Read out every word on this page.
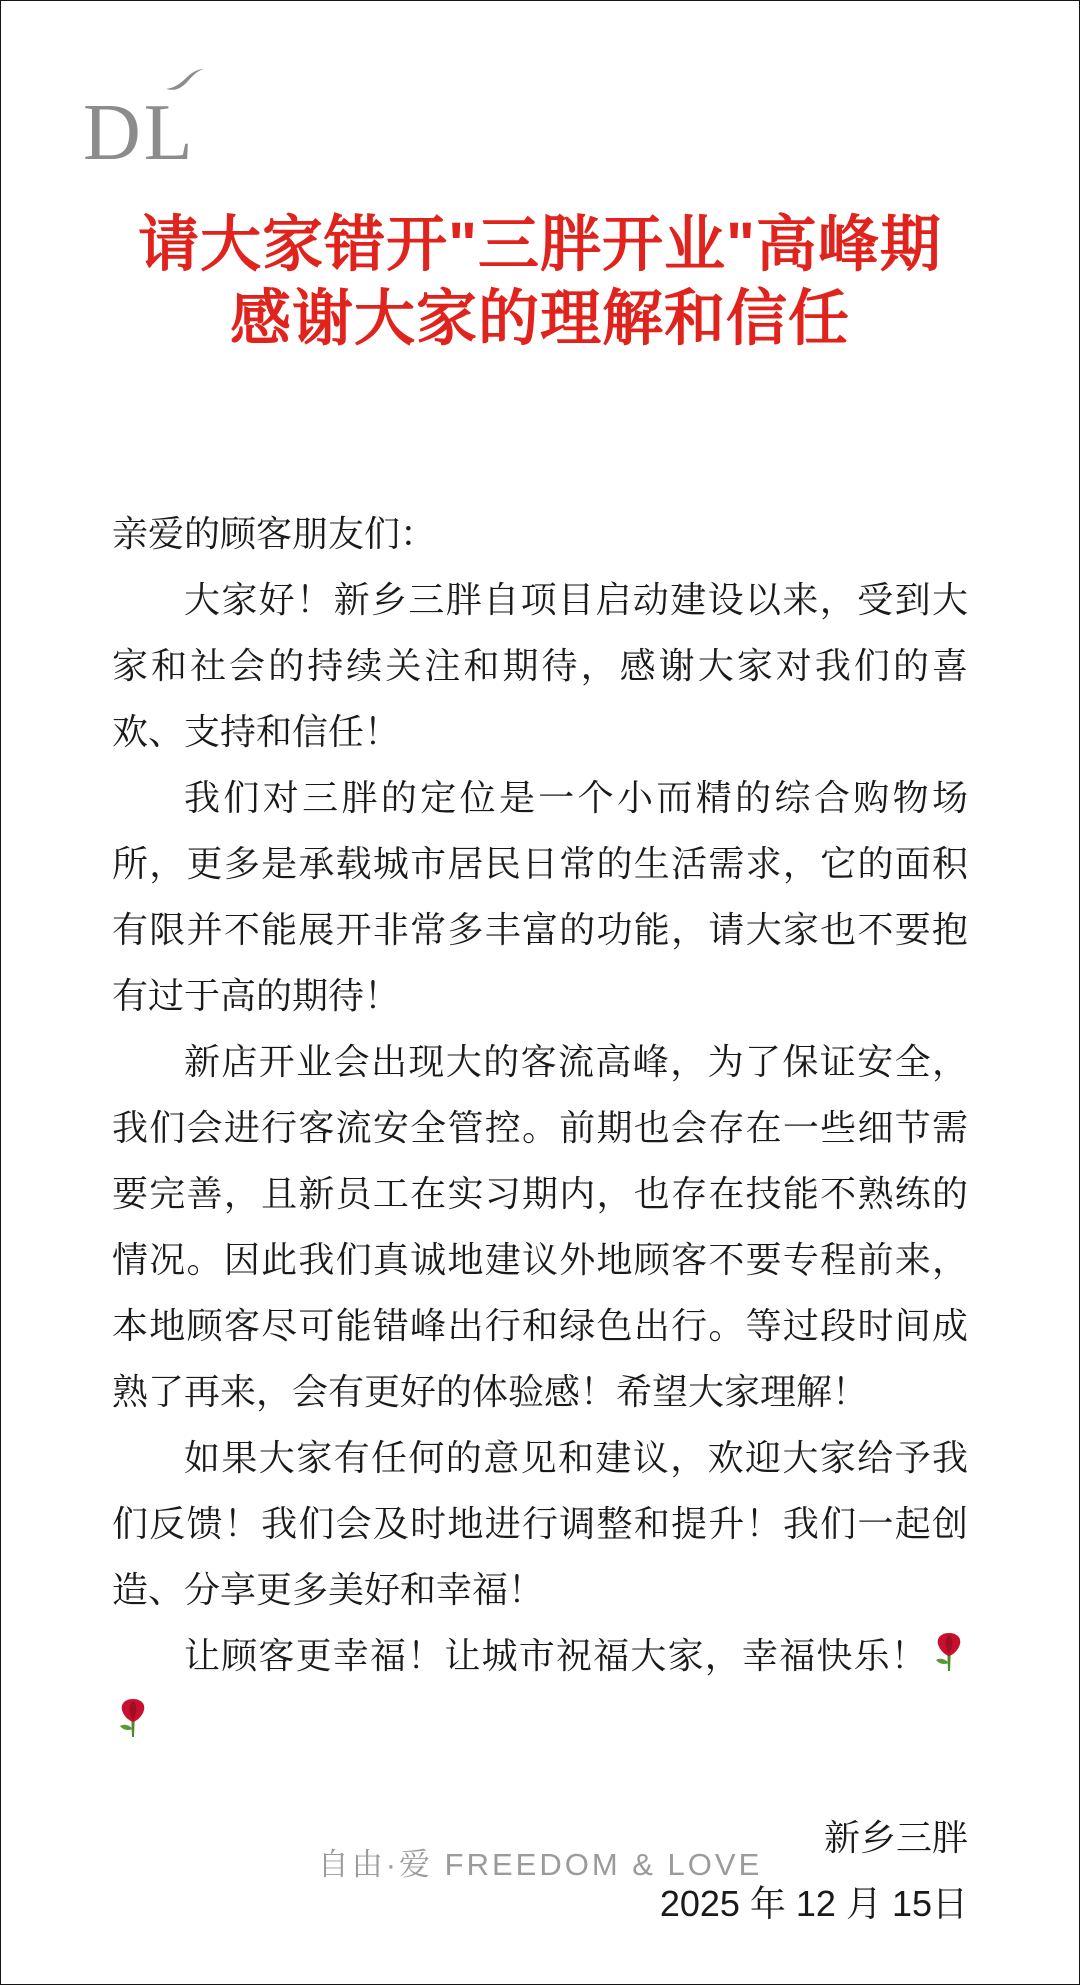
DL
请大家错开"三胖开业"高峰期
感谢大家的理解和信任

亲爱的顾客朋友们：

大家好！新乡三胖自项目启动建设以来，受到大家和社会的持续关注和期待，感谢大家对我们的喜欢、支持和信任！

我们对三胖的定位是一个小而精的综合购物场所，更多是承载城市居民日常的生活需求，它的面积有限并不能展开非常多丰富的功能，请大家也不要抱有过于高的期待！

新店开业会出现大的客流高峰，为了保证安全，我们会进行客流安全管控。前期也会存在一些细节需要完善，且新员工在实习期内，也存在技能不熟练的情况。因此我们真诚地建议外地顾客不要专程前来，本地顾客尽可能错峰出行和绿色出行。等过段时间成熟了再来，会有更好的体验感！希望大家理解！

如果大家有任何的意见和建议，欢迎大家给予我们反馈！我们会及时地进行调整和提升！我们一起创造、分享更多美好和幸福！

让顾客更幸福！让城市祝福大家，幸福快乐！

新乡三胖
2025 年 12 月 15日
自由·爱 FREEDOM & LOVE
